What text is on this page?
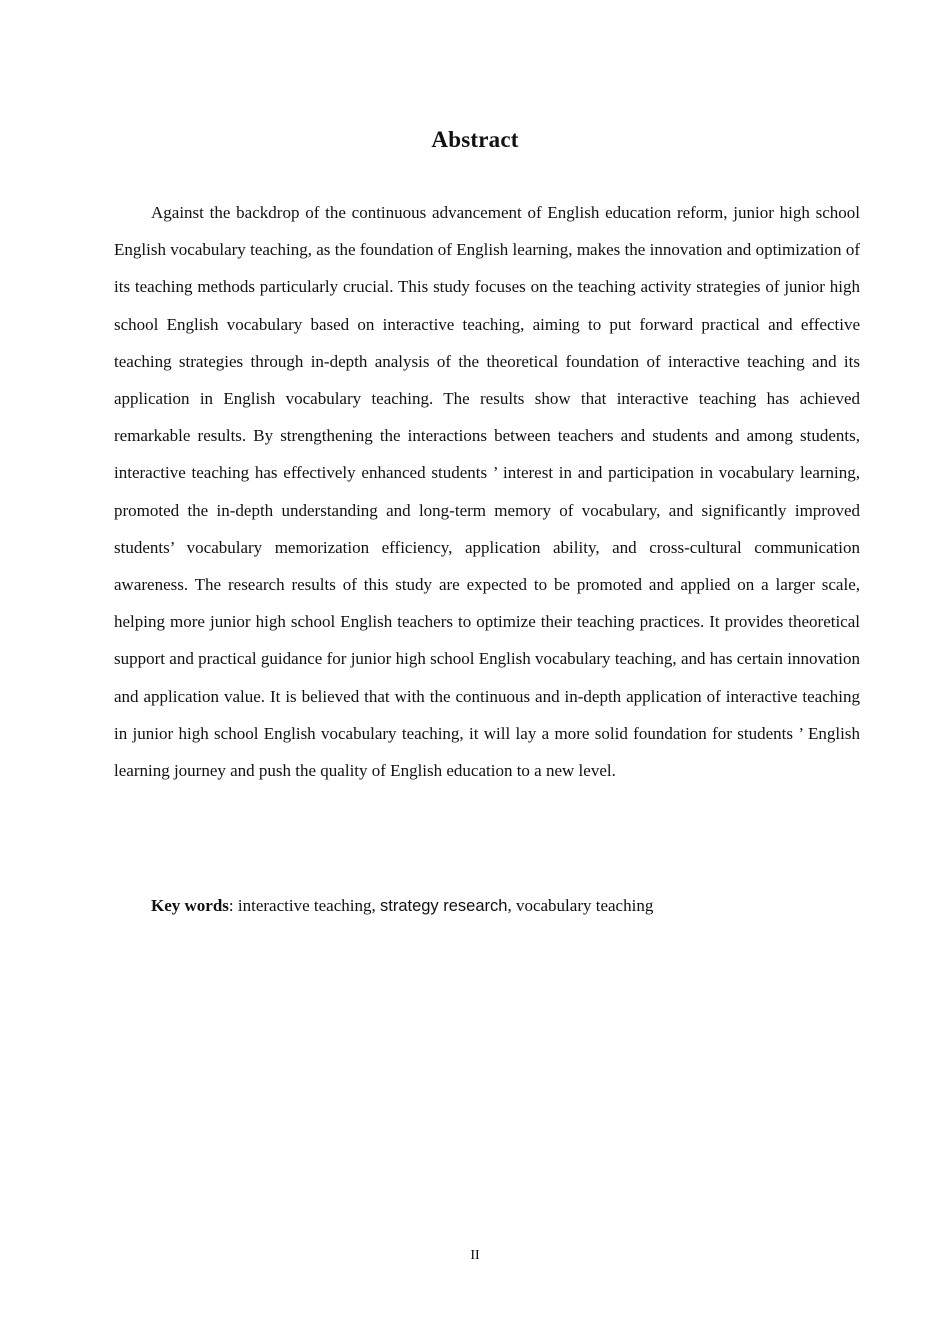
Abstract

Against the backdrop of the continuous advancement of English education reform, junior high school English vocabulary teaching, as the foundation of English learning, makes the innovation and optimization of its teaching methods particularly crucial. This study focuses on the teaching activity strategies of junior high school English vocabulary based on interactive teaching, aiming to put forward practical and effective teaching strategies through in-depth analysis of the theoretical foundation of interactive teaching and its application in English vocabulary teaching. The results show that interactive teaching has achieved remarkable results. By strengthening the interactions between teachers and students and among students, interactive teaching has effectively enhanced students ’ interest in and participation in vocabulary learning, promoted the in-depth understanding and long-term memory of vocabulary, and significantly improved students’ vocabulary memorization efficiency, application ability, and cross-cultural communication awareness. The research results of this study are expected to be promoted and applied on a larger scale, helping more junior high school English teachers to optimize their teaching practices. It provides theoretical support and practical guidance for junior high school English vocabulary teaching, and has certain innovation and application value. It is believed that with the continuous and in-depth application of interactive teaching in junior high school English vocabulary teaching, it will lay a more solid foundation for students ’ English learning journey and push the quality of English education to a new level.

Key words: interactive teaching, strategy research, vocabulary teaching

II
